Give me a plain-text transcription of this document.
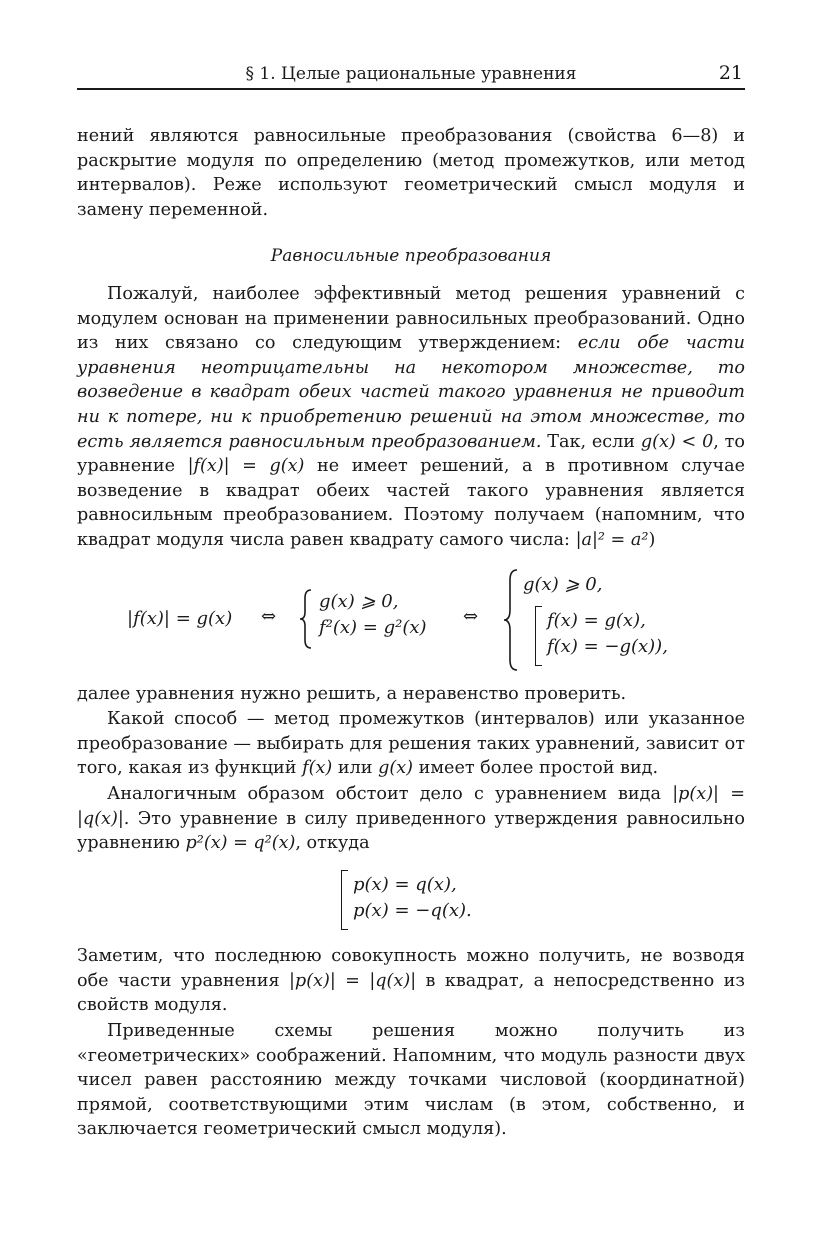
§ 1. Целые рациональные уравнения	21

нений являются равносильные преобразования (свойства 6—8) и раскрытие модуля по определению (метод промежутков, или метод интервалов). Реже используют геометрический смысл модуля и замену переменной.

Равносильные преобразования

Пожалуй, наиболее эффективный метод решения уравнений с модулем основан на применении равносильных преобразований. Одно из них связано со следующим утверждением: если обе части уравнения неотрицательны на некотором множестве, то возведение в квадрат обеих частей такого уравнения не приводит ни к потере, ни к приобретению решений на этом множестве, то есть является равносильным преобразованием. Так, если g(x) < 0, то уравнение |f(x)| = g(x) не имеет решений, а в противном случае возведение в квадрат обеих частей такого уравнения является равносильным преобразованием. Поэтому получаем (напомним, что квадрат модуля числа равен квадрату самого числа: |a|² = a²)

|f(x)| = g(x) ⇔
g(x) ⩾ 0,
f²(x) = g²(x)
⇔
g(x) ⩾ 0,
f(x) = g(x),
f(x) = −g(x)),

далее уравнения нужно решить, а неравенство проверить.

Какой способ — метод промежутков (интервалов) или указанное преобразование — выбирать для решения таких уравнений, зависит от того, какая из функций f(x) или g(x) имеет более простой вид.

Аналогичным образом обстоит дело с уравнением вида |p(x)| = |q(x)|. Это уравнение в силу приведенного утверждения равносильно уравнению p²(x) = q²(x), откуда

p(x) = q(x),
p(x) = −q(x).

Заметим, что последнюю совокупность можно получить, не возводя обе части уравнения |p(x)| = |q(x)| в квадрат, а непосредственно из свойств модуля.

Приведенные схемы решения можно получить из «геометрических» соображений. Напомним, что модуль разности двух чисел равен расстоянию между точками числовой (координатной) прямой, соответствующими этим числам (в этом, собственно, и заключается геометрический смысл модуля).
